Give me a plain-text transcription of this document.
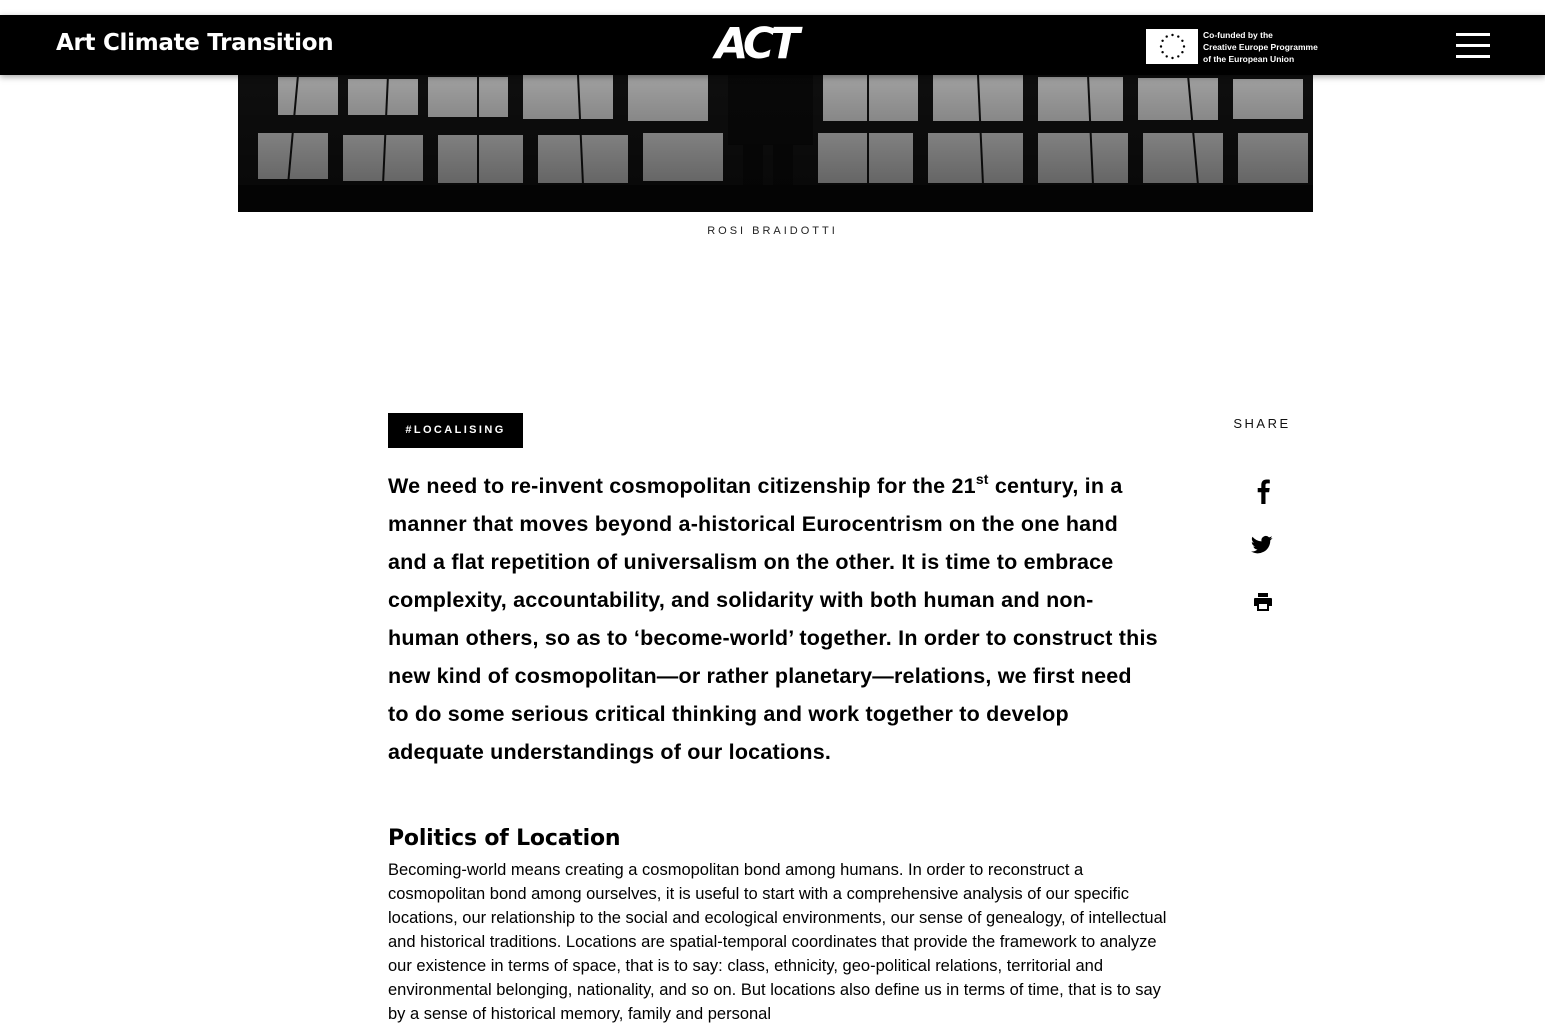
Art Climate Transition	ACT	Co-funded by the
Creative Europe Programme
of the European Union

ROSI BRAIDOTTI

#LOCALISING

We need to re-invent cosmopolitan citizenship for the 21st century, in a manner that moves beyond a-historical Eurocentrism on the one hand and a flat repetition of universalism on the other. It is time to embrace complexity, accountability, and solidarity with both human and non-human others, so as to ‘become-world’ together. In order to construct this new kind of cosmopolitan—or rather planetary—relations, we first need to do some serious critical thinking and work together to develop adequate understandings of our locations.

Politics of Location

Becoming-world means creating a cosmopolitan bond among humans. In order to reconstruct a cosmopolitan bond among ourselves, it is useful to start with a comprehensive analysis of our specific locations, our relationship to the social and ecological environments, our sense of genealogy, of intellectual and historical traditions. Locations are spatial-temporal coordinates that provide the framework to analyze our existence in terms of space, that is to say: class, ethnicity, geo-political relations, territorial and environmental belonging, nationality, and so on. But locations also define us in terms of time, that is to say by a sense of historical memory, family and personal

SHARE
